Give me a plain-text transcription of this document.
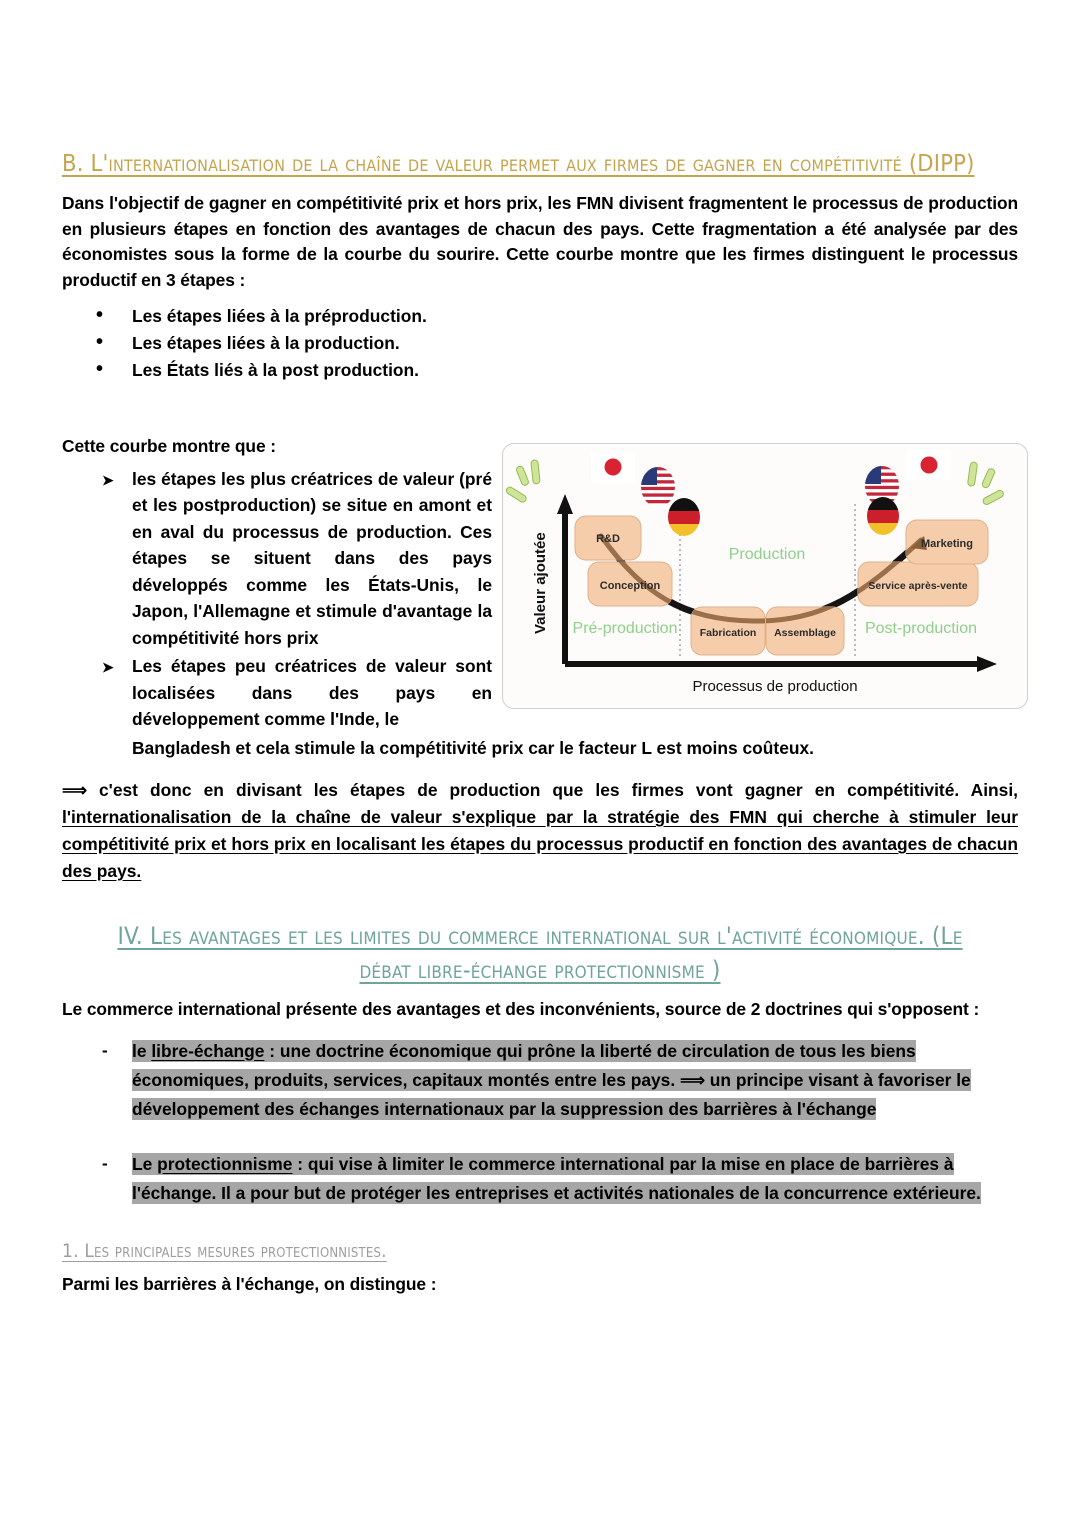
B. L'internationalisation de la chaîne de valeur permet aux firmes de gagner en compétitivité (DIPP)

Dans l'objectif de gagner en compétitivité prix et hors prix, les FMN divisent fragmentent le processus de production en plusieurs étapes en fonction des avantages de chacun des pays. Cette fragmentation a été analysée par des économistes sous la forme de la courbe du sourire. Cette courbe montre que les firmes distinguent le processus productif en 3 étapes :

• Les étapes liées à la préproduction.
• Les étapes liées à la production.
• Les États liés à la post production.

Cette courbe montre que :

➤ les étapes les plus créatrices de valeur (pré et les postproduction) se situe en amont et en aval du processus de production. Ces étapes se situent dans des pays développés comme les États-Unis, le Japon, l'Allemagne et stimule d'avantage la compétitivité hors prix
➤ Les étapes peu créatrices de valeur sont localisées dans des pays en développement comme l'Inde, le
R&D
Conception
Fabrication Assemblage
Service après-vente
Marketing
Pré-production
Production
Post-production
Valeur ajoutée
Processus de production
Bangladesh et cela stimule la compétitivité prix car le facteur L est moins coûteux.

⟹ c'est donc en divisant les étapes de production que les firmes vont gagner en compétitivité. Ainsi, l'internationalisation de la chaîne de valeur s'explique par la stratégie des FMN qui cherche à stimuler leur compétitivité prix et hors prix en localisant les étapes du processus productif en fonction des avantages de chacun des pays.

IV. Les avantages et les limites du commerce international sur l'activité économique. (Le débat libre-échange protectionnisme )

Le commerce international présente des avantages et des inconvénients, source de 2 doctrines qui s'opposent :

- le libre-échange : une doctrine économique qui prône la liberté de circulation de tous les biens économiques, produits, services, capitaux montés entre les pays. ⟹ un principe visant à favoriser le développement des échanges internationaux par la suppression des barrières à l'échange
- Le protectionnisme : qui vise à limiter le commerce international par la mise en place de barrières à l'échange. Il a pour but de protéger les entreprises et activités nationales de la concurrence extérieure.
1. Les principales mesures protectionnistes.

Parmi les barrières à l'échange, on distingue :
